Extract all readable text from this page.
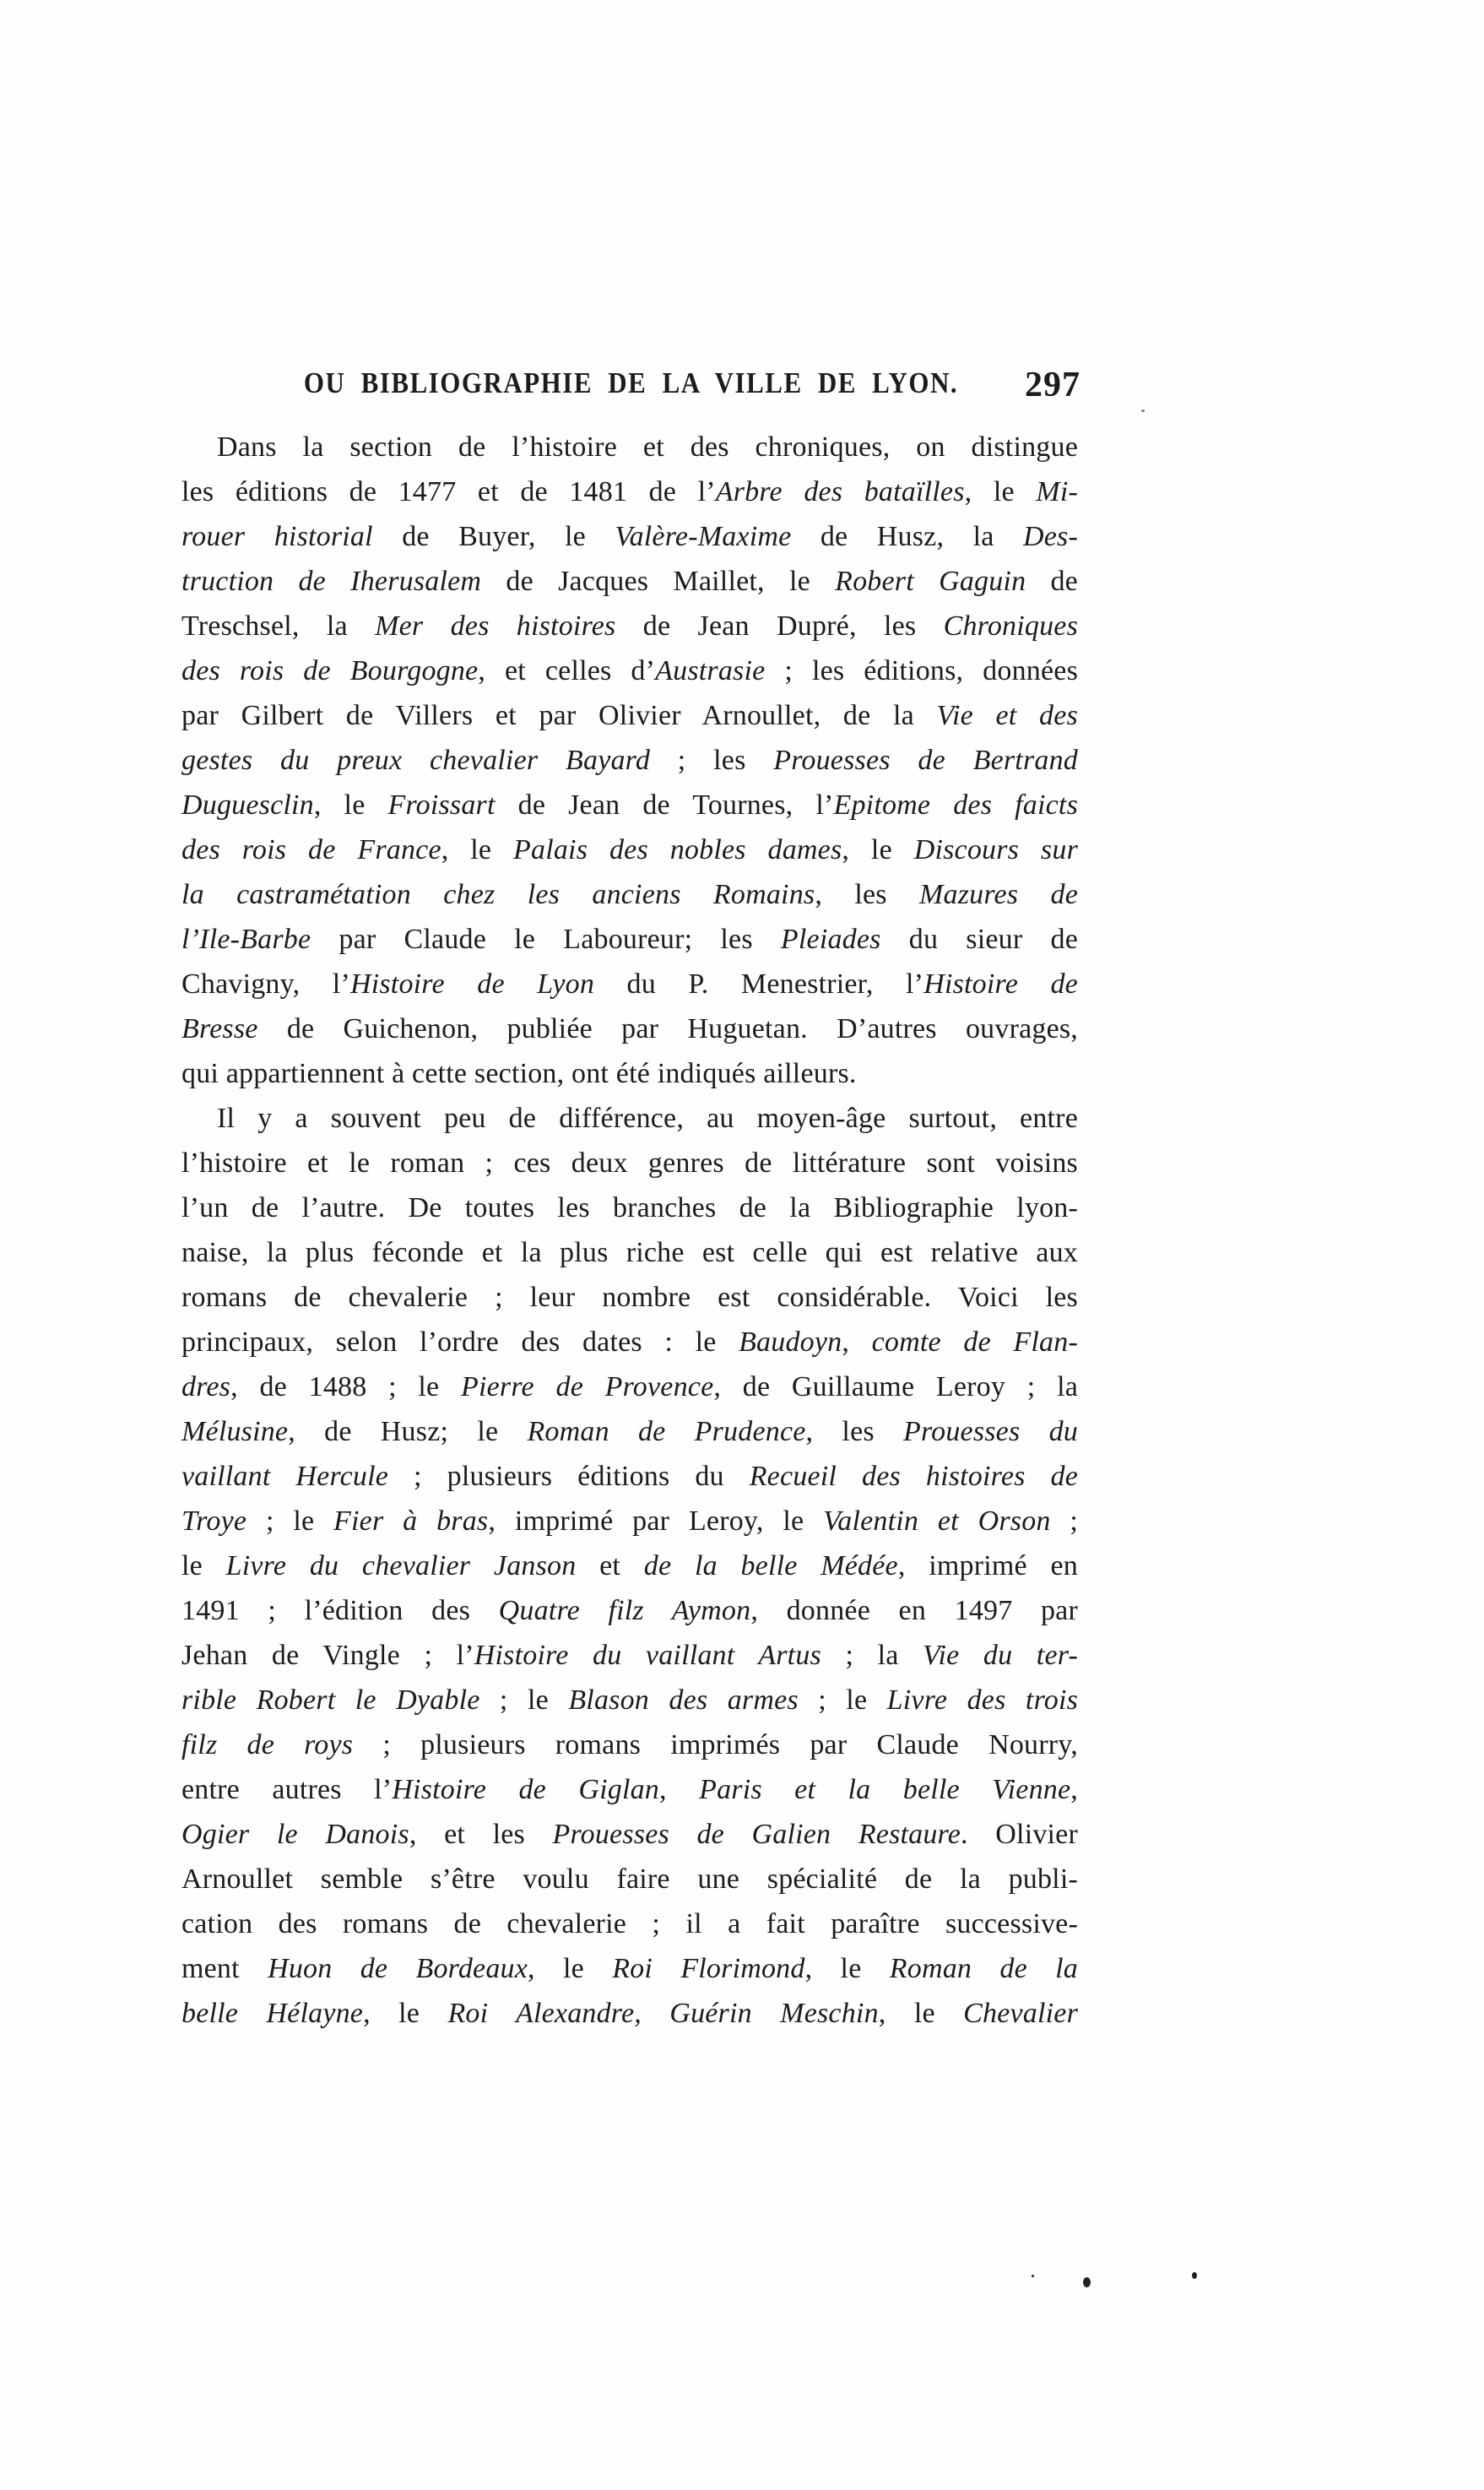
OU BIBLIOGRAPHIE DE LA VILLE DE LYON. 297
Dans la section de l’histoire et des chroniques, on distingue
les éditions de 1477 et de 1481 de l’Arbre des bataïlles, le Mi-
rouer historial de Buyer, le Valère-Maxime de Husz, la Des-
truction de Iherusalem de Jacques Maillet, le Robert Gaguin de
Treschsel, la Mer des histoires de Jean Dupré, les Chroniques
des rois de Bourgogne, et celles d’Austrasie ; les éditions, données
par Gilbert de Villers et par Olivier Arnoullet, de la Vie et des
gestes du preux chevalier Bayard ; les Prouesses de Bertrand
Duguesclin, le Froissart de Jean de Tournes, l’Epitome des faicts
des rois de France, le Palais des nobles dames, le Discours sur
la castramétation chez les anciens Romains, les Mazures de
l’Ile-Barbe par Claude le Laboureur; les Pleiades du sieur de
Chavigny, l’Histoire de Lyon du P. Menestrier, l’Histoire de
Bresse de Guichenon, publiée par Huguetan. D’autres ouvrages,
qui appartiennent à cette section, ont été indiqués ailleurs.
Il y a souvent peu de différence, au moyen-âge surtout, entre
l’histoire et le roman ; ces deux genres de littérature sont voisins
l’un de l’autre. De toutes les branches de la Bibliographie lyon-
naise, la plus féconde et la plus riche est celle qui est relative aux
romans de chevalerie ; leur nombre est considérable. Voici les
principaux, selon l’ordre des dates : le Baudoyn, comte de Flan-
dres, de 1488 ; le Pierre de Provence, de Guillaume Leroy ; la
Mélusine, de Husz; le Roman de Prudence, les Prouesses du
vaillant Hercule ; plusieurs éditions du Recueil des histoires de
Troye ; le Fier à bras, imprimé par Leroy, le Valentin et Orson ;
le Livre du chevalier Janson et de la belle Médée, imprimé en
1491 ; l’édition des Quatre filz Aymon, donnée en 1497 par
Jehan de Vingle ; l’Histoire du vaillant Artus ; la Vie du ter-
rible Robert le Dyable ; le Blason des armes ; le Livre des trois
filz de roys ; plusieurs romans imprimés par Claude Nourry,
entre autres l’Histoire de Giglan, Paris et la belle Vienne,
Ogier le Danois, et les Prouesses de Galien Restaure. Olivier
Arnoullet semble s’être voulu faire une spécialité de la publi-
cation des romans de chevalerie ; il a fait paraître successive-
ment Huon de Bordeaux, le Roi Florimond, le Roman de la
belle Hélayne, le Roi Alexandre, Guérin Meschin, le Chevalier
